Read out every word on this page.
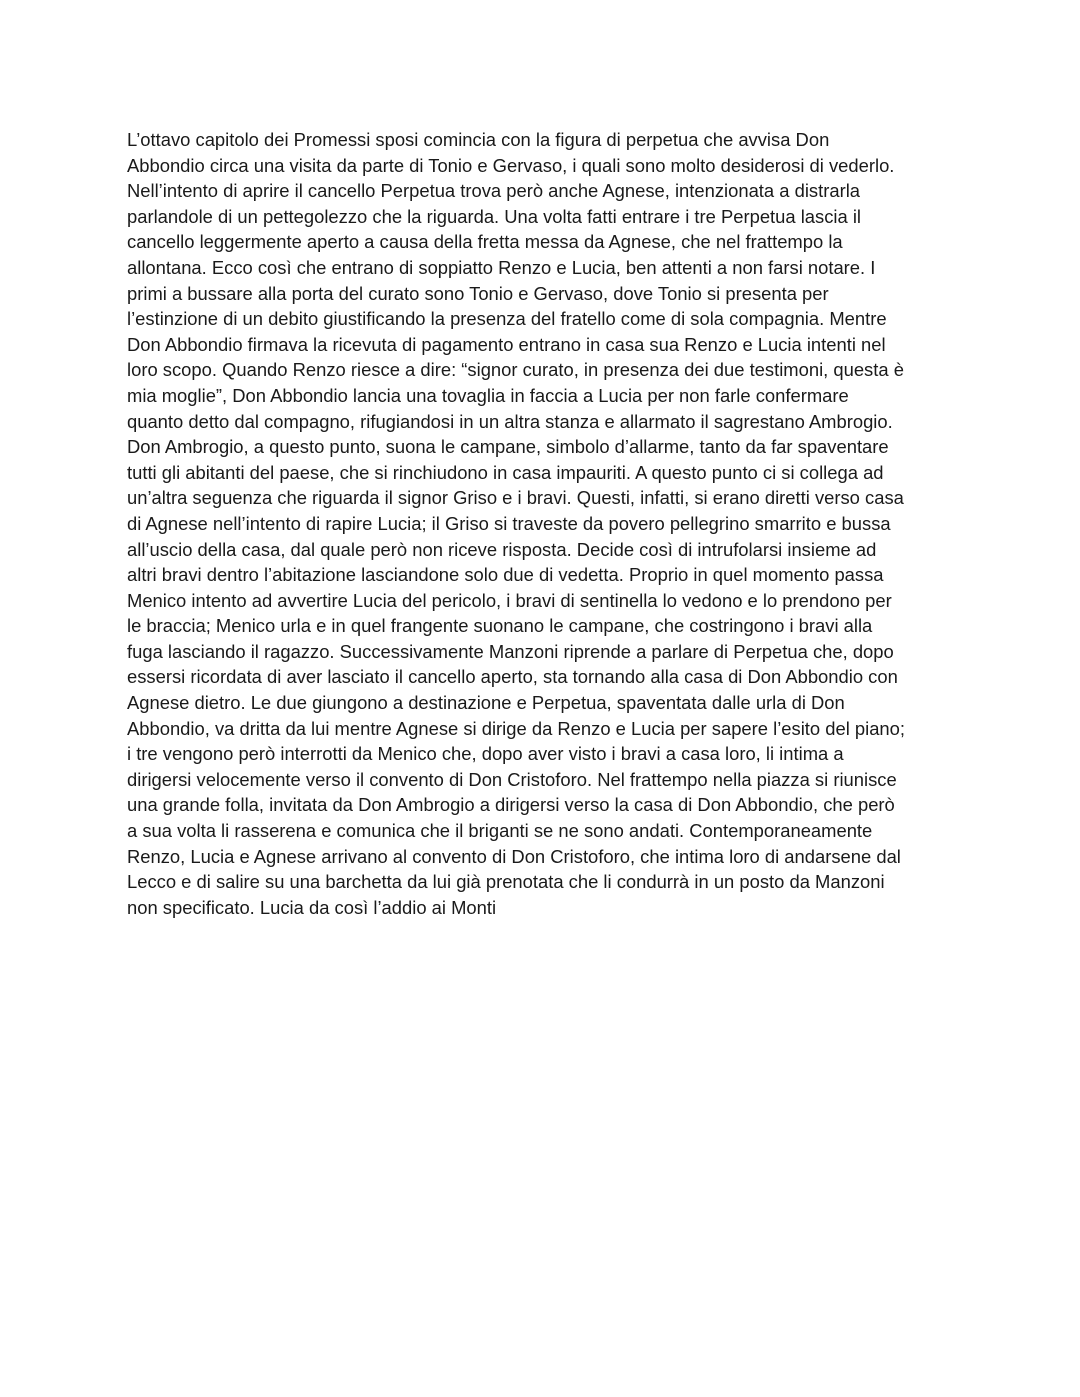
L’ottavo capitolo dei Promessi sposi comincia con la figura di perpetua che avvisa Don
Abbondio circa una visita da parte di Tonio e Gervaso, i quali sono molto desiderosi di vederlo.
Nell’intento di aprire il cancello Perpetua trova però anche Agnese, intenzionata a distrarla
parlandole di un pettegolezzo che la riguarda. Una volta fatti entrare i tre Perpetua lascia il
cancello leggermente aperto a causa della fretta messa da Agnese, che nel frattempo la
allontana. Ecco così che entrano di soppiatto Renzo e Lucia, ben attenti a non farsi notare. I
primi a bussare alla porta del curato sono Tonio e Gervaso, dove Tonio si presenta per
l’estinzione di un debito giustificando la presenza del fratello come di sola compagnia. Mentre
Don Abbondio firmava la ricevuta di pagamento entrano in casa sua Renzo e Lucia intenti nel
loro scopo. Quando Renzo riesce a dire: “signor curato, in presenza dei due testimoni, questa è
mia moglie”, Don Abbondio lancia una tovaglia in faccia a Lucia per non farle confermare
quanto detto dal compagno, rifugiandosi in un altra stanza e allarmato il sagrestano Ambrogio.
Don Ambrogio, a questo punto, suona le campane, simbolo d’allarme, tanto da far spaventare
tutti gli abitanti del paese, che si rinchiudono in casa impauriti. A questo punto ci si collega ad
un’altra seguenza che riguarda il signor Griso e i bravi. Questi, infatti, si erano diretti verso casa
di Agnese nell’intento di rapire Lucia; il Griso si traveste da povero pellegrino smarrito e bussa
all’uscio della casa, dal quale però non riceve risposta. Decide così di intrufolarsi insieme ad
altri bravi dentro l’abitazione lasciandone solo due di vedetta. Proprio in quel momento passa
Menico intento ad avvertire Lucia del pericolo, i bravi di sentinella lo vedono e lo prendono per
le braccia; Menico urla e in quel frangente suonano le campane, che costringono i bravi alla
fuga lasciando il ragazzo. Successivamente Manzoni riprende a parlare di Perpetua che, dopo
essersi ricordata di aver lasciato il cancello aperto, sta tornando alla casa di Don Abbondio con
Agnese dietro. Le due giungono a destinazione e Perpetua, spaventata dalle urla di Don
Abbondio, va dritta da lui mentre Agnese si dirige da Renzo e Lucia per sapere l’esito del piano;
i tre vengono però interrotti da Menico che, dopo aver visto i bravi a casa loro, li intima a
dirigersi velocemente verso il convento di Don Cristoforo. Nel frattempo nella piazza si riunisce
una grande folla, invitata da Don Ambrogio a dirigersi verso la casa di Don Abbondio, che però
a sua volta li rasserena e comunica che il briganti se ne sono andati. Contemporaneamente
Renzo, Lucia e Agnese arrivano al convento di Don Cristoforo, che intima loro di andarsene dal
Lecco e di salire su una barchetta da lui già prenotata che li condurrà in un posto da Manzoni
non specificato. Lucia da così l’addio ai Monti
